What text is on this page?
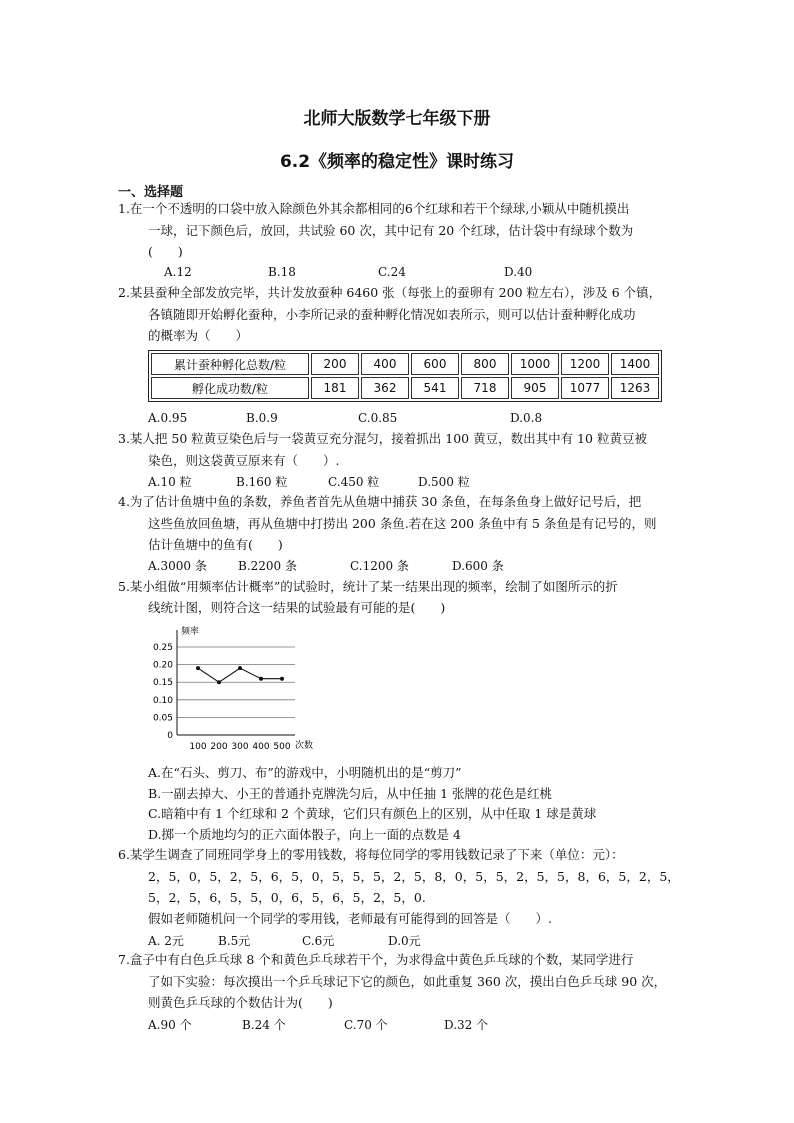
北师大版数学七年级下册
6.2《频率的稳定性》课时练习
一、选择题
1.在一个不透明的口袋中放入除颜色外其余都相同的6个红球和若干个绿球,小颖从中随机摸出
一球，记下颜色后，放回，共试验 60 次，其中记有 20 个红球，估计袋中有绿球个数为
(　　)
A.12	B.18	C.24	D.40
2.某县蚕种全部发放完毕，共计发放蚕种 6460 张（每张上的蚕卵有 200 粒左右），涉及 6 个镇，
各镇随即开始孵化蚕种，小李所记录的蚕种孵化情况如表所示，则可以估计蚕种孵化成功
的概率为（　　）
累计蚕种孵化总数/粒	200	400	600	800	1000	1200	1400
孵化成功数/粒	181	362	541	718	905	1077	1263
A.0.95	B.0.9	C.0.85	D.0.8
3.某人把 50 粒黄豆染色后与一袋黄豆充分混匀，接着抓出 100 黄豆，数出其中有 10 粒黄豆被
染色，则这袋黄豆原来有（　　）.
A.10 粒	B.160 粒	C.450 粒	D.500 粒
4.为了估计鱼塘中鱼的条数，养鱼者首先从鱼塘中捕获 30 条鱼，在每条鱼身上做好记号后，把
这些鱼放回鱼塘，再从鱼塘中打捞出 200 条鱼.若在这 200 条鱼中有 5 条鱼是有记号的，则
估计鱼塘中的鱼有(　　)
A.3000 条	B.2200 条	C.1200 条	D.600 条
5.某小组做“用频率估计概率”的试验时，统计了某一结果出现的频率，绘制了如图所示的折
线统计图，则符合这一结果的试验最有可能的是(　　)
频率
次数
0
0.05
0.10
0.15
0.20
0.25
100 200 300 400 500
A.在“石头、剪刀、布”的游戏中，小明随机出的是“剪刀”
B.一副去掉大、小王的普通扑克牌洗匀后，从中任抽 1 张牌的花色是红桃
C.暗箱中有 1 个红球和 2 个黄球，它们只有颜色上的区别，从中任取 1 球是黄球
D.掷一个质地均匀的正六面体骰子，向上一面的点数是 4
6.某学生调查了同班同学身上的零用钱数，将每位同学的零用钱数记录了下来（单位：元）：
2，5，0，5，2，5，6，5，0，5，5，5，2，5，8，0，5，5，2，5，5，8，6，5，2，5，
5，2，5，6，5，5，0，6，5，6，5，2，5，0.
假如老师随机问一个同学的零用钱，老师最有可能得到的回答是（　　）.
A. 2元	B.5元	C.6元	D.0元
7.盒子中有白色乒乓球 8 个和黄色乒乓球若干个，为求得盒中黄色乒乓球的个数，某同学进行
了如下实验：每次摸出一个乒乓球记下它的颜色，如此重复 360 次，摸出白色乒乓球 90 次，
则黄色乒乓球的个数估计为(　　)
A.90 个	B.24 个	C.70 个	D.32 个
